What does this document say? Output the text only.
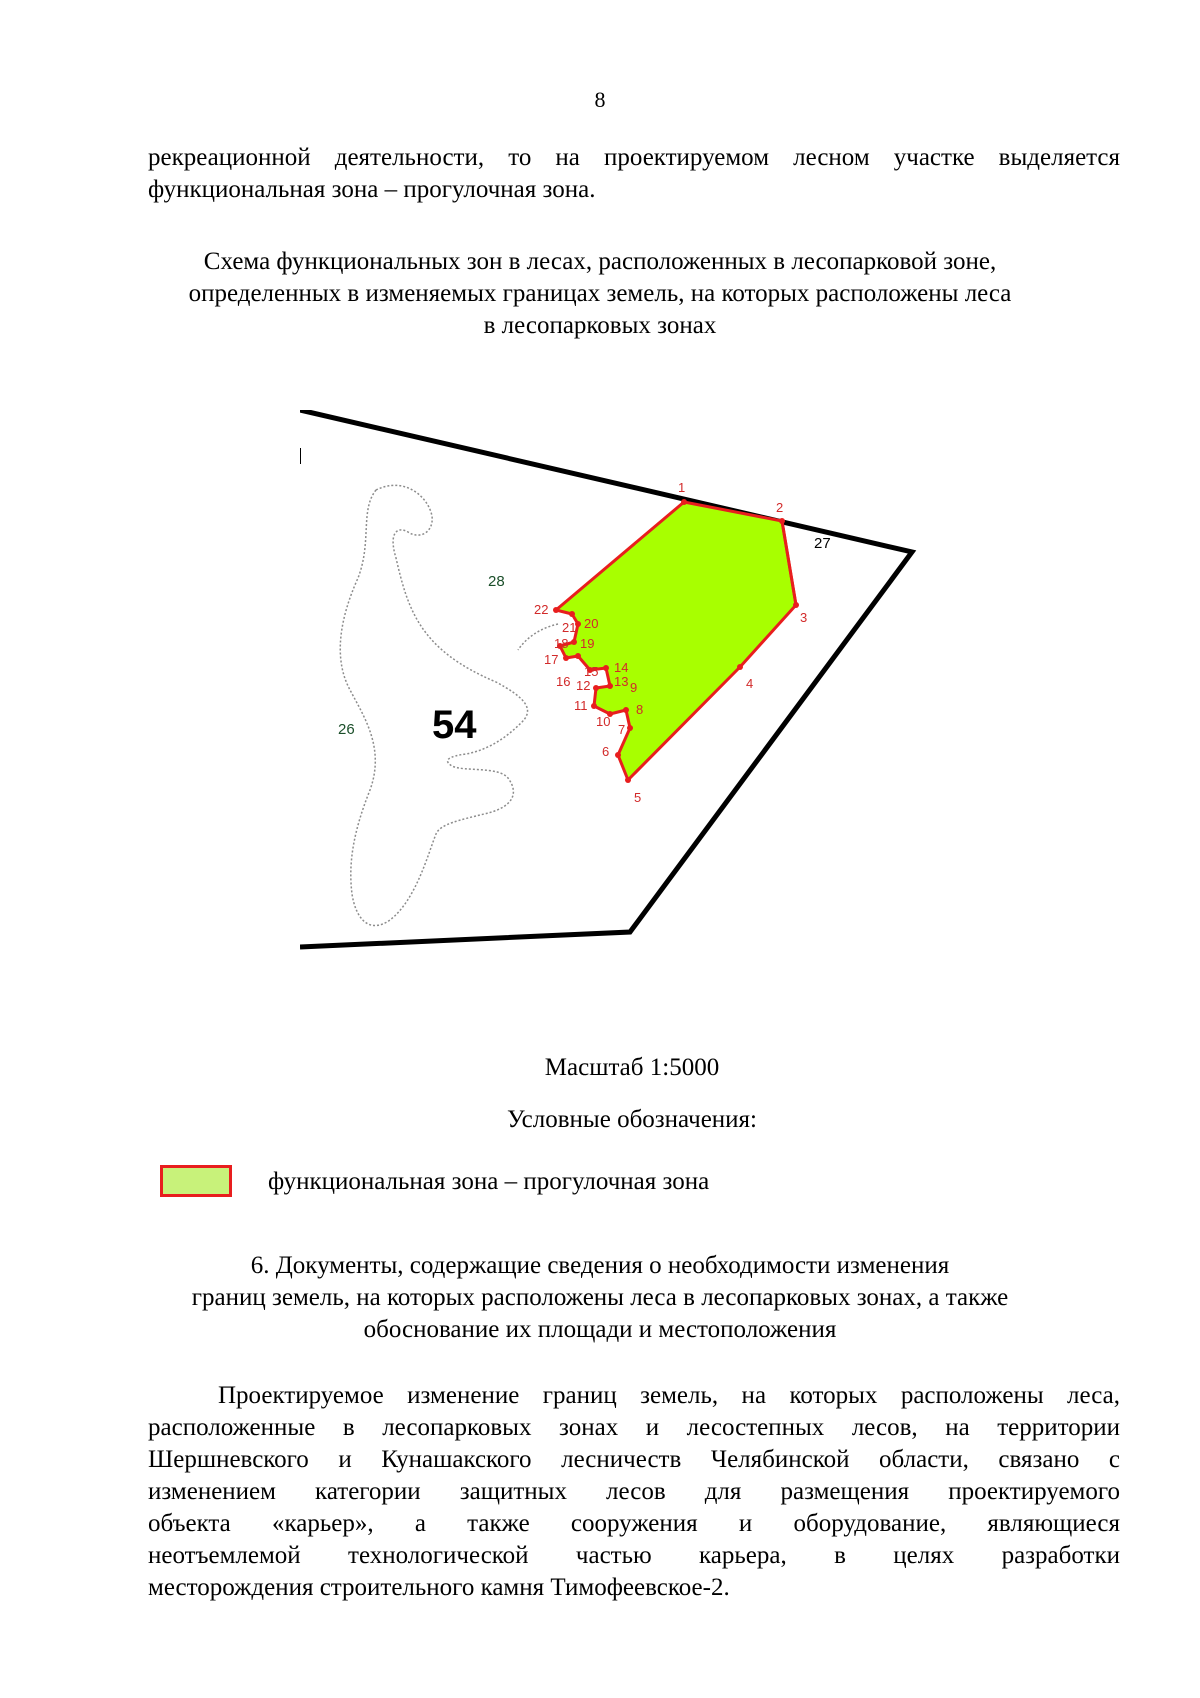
8
рекреационной деятельности, то на проектируемом лесном участке выделяется
функциональная зона – прогулочная зона.
Схема функциональных зон в лесах, расположенных в лесопарковой зоне,
определенных в изменяемых границах земель, на которых расположены леса
в лесопарковых зонах
1
2
3
4
5
6
7
8
9
10
11
12 13
14
15
16
17
18 19
20
21
22
28
26
27
54
Масштаб 1:5000
Условные обозначения:
функциональная зона – прогулочная зона
6. Документы, содержащие сведения о необходимости изменения
границ земель, на которых расположены леса в лесопарковых зонах, а также
обоснование их площади и местоположения
Проектируемое изменение границ земель, на которых расположены леса,
расположенные в лесопарковых зонах и лесостепных лесов, на территории
Шершневского и Кунашакского лесничеств Челябинской области, связано с
изменением категории защитных лесов для размещения проектируемого
объекта «карьер», а также сооружения и оборудование, являющиеся
неотъемлемой технологической частью карьера, в целях разработки
месторождения строительного камня Тимофеевское-2.
